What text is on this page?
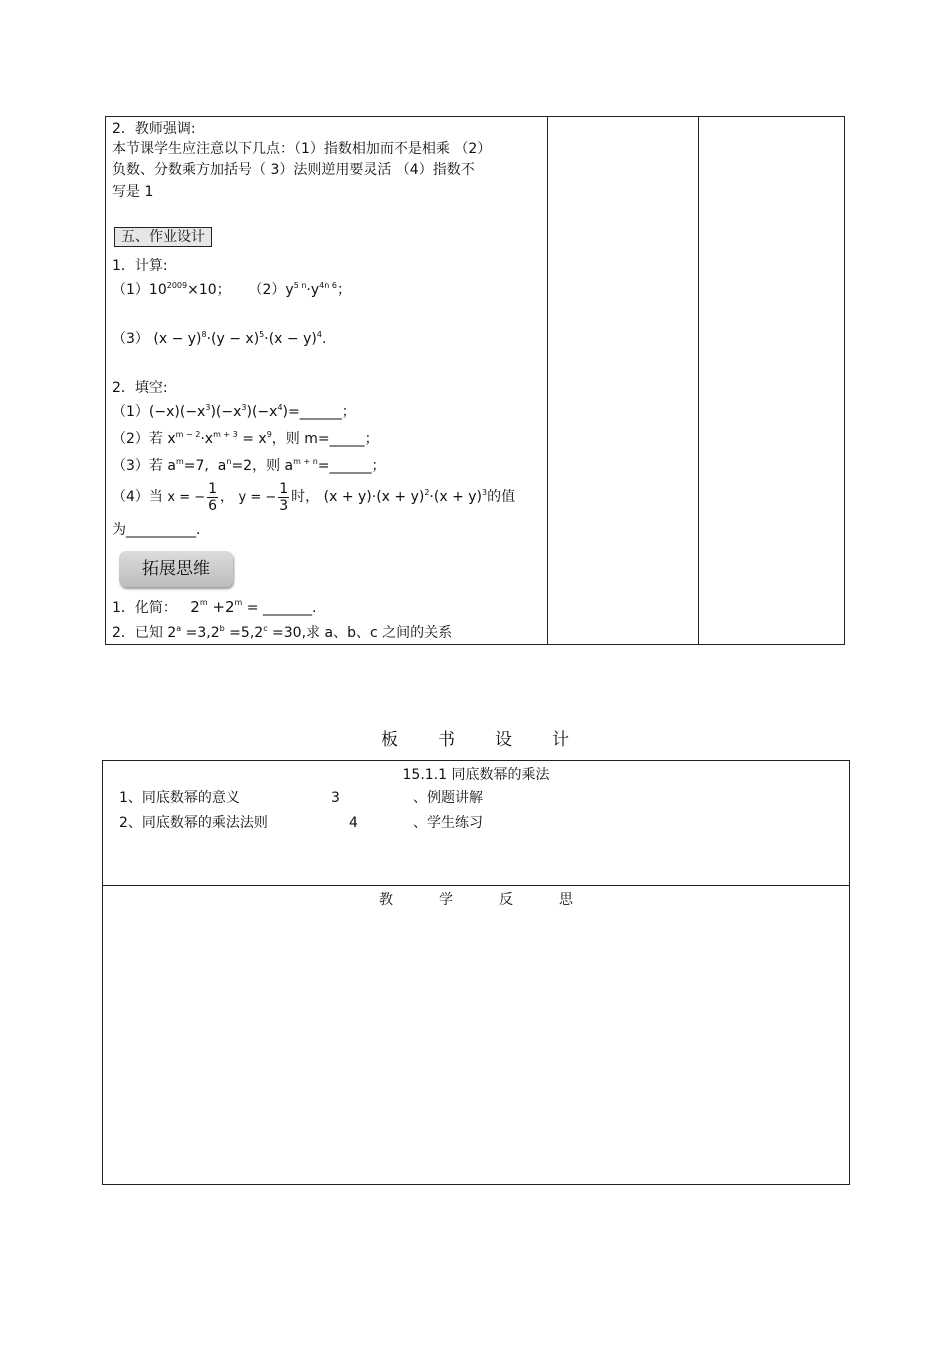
2．教师强调:
本节课学生应注意以下几点：（1）指数相加而不是相乘 （2）
负数、分数乘方加括号（ 3）法则逆用要灵活 （4）指数不
写是 1
五、作业设计
1．计算:
$(1)10^{2009}\times 10$； $(2)y^{5 n}\cdot y^{4n 6}$；
（3） $(x - y)^8\cdot(y - x)^5\cdot(x - y)^4$.
2．填空:
$(1)(-x)(-x^3)(-x^3)(-x^4)=\_\_\_\_\_\_$；
（2）若 $x^{m - 2}\cdot x^{m + 3} = x^9$，则 m=_____；
（3）若 $a^m=7$, $a^n=2$，则 $a^{m + n}=\_\_\_\_\_\_$；
（4）当 x = − $\frac{1}{6}$ ， y = − $\frac{1}{3}$ 时， $(x + y)\cdot(x + y)^2\cdot(x + y)^3$的值
为__________.
拓展思维
1．化简： $2^m +2^m$ = _______.
2．已知 $2^a =3,2^b =5,2^c =30$,求 a、b、c 之间的关系
板书设计
15.1.1 同底数幂的乘法
1、同底数幂的意义	3	、例题讲解
2、同底数幂的乘法法则	4	、学生练习
教学反思
